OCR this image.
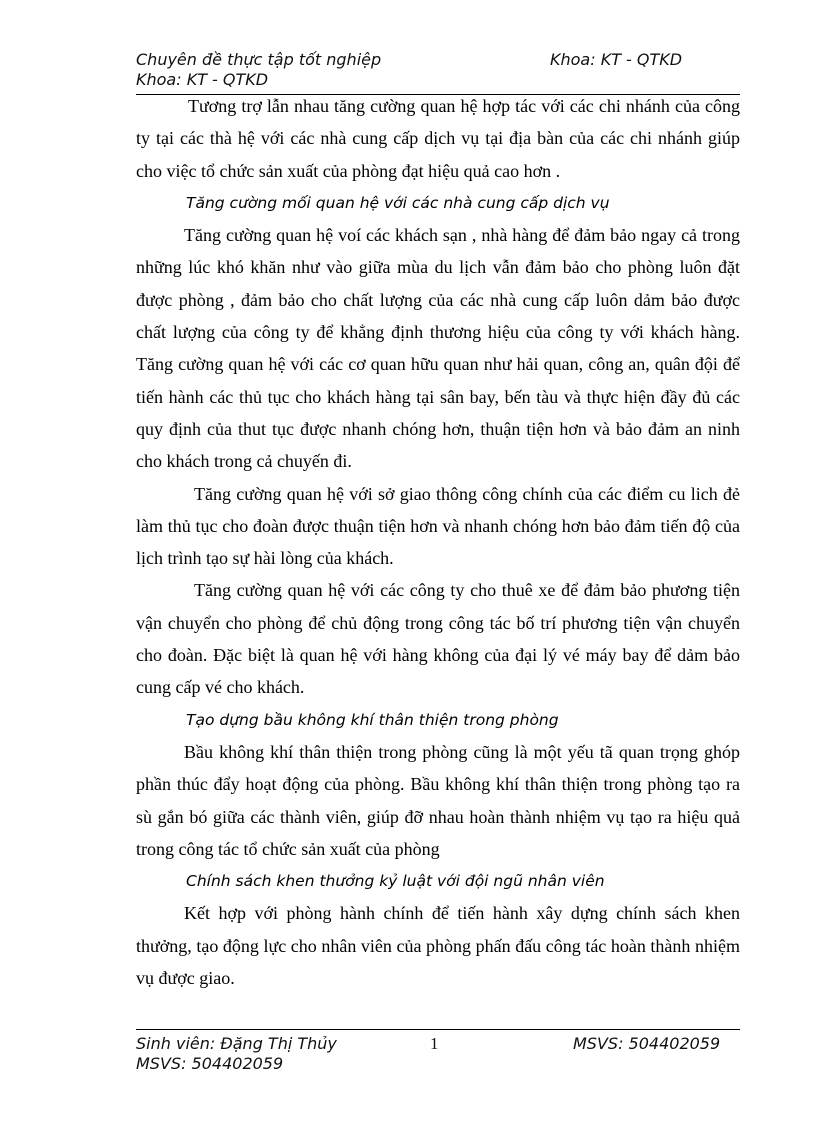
Chuyên đề thực tập tốt nghiệp	Khoa: KT - QTKD
Khoa: KT - QTKD

Tương trợ lẫn nhau tăng cường quan hệ hợp tác với các chi nhánh của công ty tại các thà hệ với các nhà cung cấp dịch vụ tại địa bàn của các chi nhánh giúp cho việc tổ chức sản xuất của phòng đạt hiệu quả cao hơn .

Tăng cường mối quan hệ với các nhà cung cấp dịch vụ

Tăng cường quan hệ voí các khách sạn , nhà hàng để đảm bảo ngay cả trong những lúc khó khăn như vào giữa mùa du lịch vẫn đảm bảo cho phòng luôn đặt được phòng , đảm bảo cho chất lượng của các nhà cung cấp luôn dảm bảo được chất lượng của công ty để khẳng định thương hiệu của công ty với khách hàng. Tăng cường quan hệ với các cơ quan hữu quan như hải quan, công an, quân đội để tiến hành các thủ tục cho khách hàng tại sân bay, bến tàu và thực hiện đầy đủ các quy định của thut tục được nhanh chóng hơn, thuận tiện hơn và bảo đảm an ninh cho khách trong cả chuyến đi.

Tăng cường quan hệ với sở giao thông công chính của các điểm cu lich đẻ làm thủ tục cho đoàn được thuận tiện hơn và nhanh chóng hơn bảo đảm tiến độ của lịch trình tạo sự hài lòng của khách.

Tăng cường quan hệ với các công ty cho thuê xe để đảm bảo phương tiện vận chuyển cho phòng để chủ động trong công tác bố trí phương tiện vận chuyển cho đoàn. Đặc biệt là quan hệ với hàng không của đại lý vé máy bay để dảm bảo cung cấp vé cho khách.

Tạo dựng bầu không khí thân thiện trong phòng

Bầu không khí thân thiện trong phòng cũng là một yếu tã quan trọng ghóp phần thúc đẩy hoạt động của phòng. Bầu không khí thân thiện trong phòng tạo ra sù gắn bó giữa các thành viên, giúp đỡ nhau hoàn thành nhiệm vụ tạo ra hiệu quả trong công tác tổ chức sản xuất của phòng

Chính sách khen thưởng kỷ luật với đội ngũ nhân viên

Kết hợp với phòng hành chính để tiến hành xây dựng chính sách khen thưởng, tạo động lực cho nhân viên của phòng phấn đấu công tác hoàn thành nhiệm vụ được giao.

Sinh viên: Đặng Thị Thủy	1	MSVS: 504402059
MSVS: 504402059
